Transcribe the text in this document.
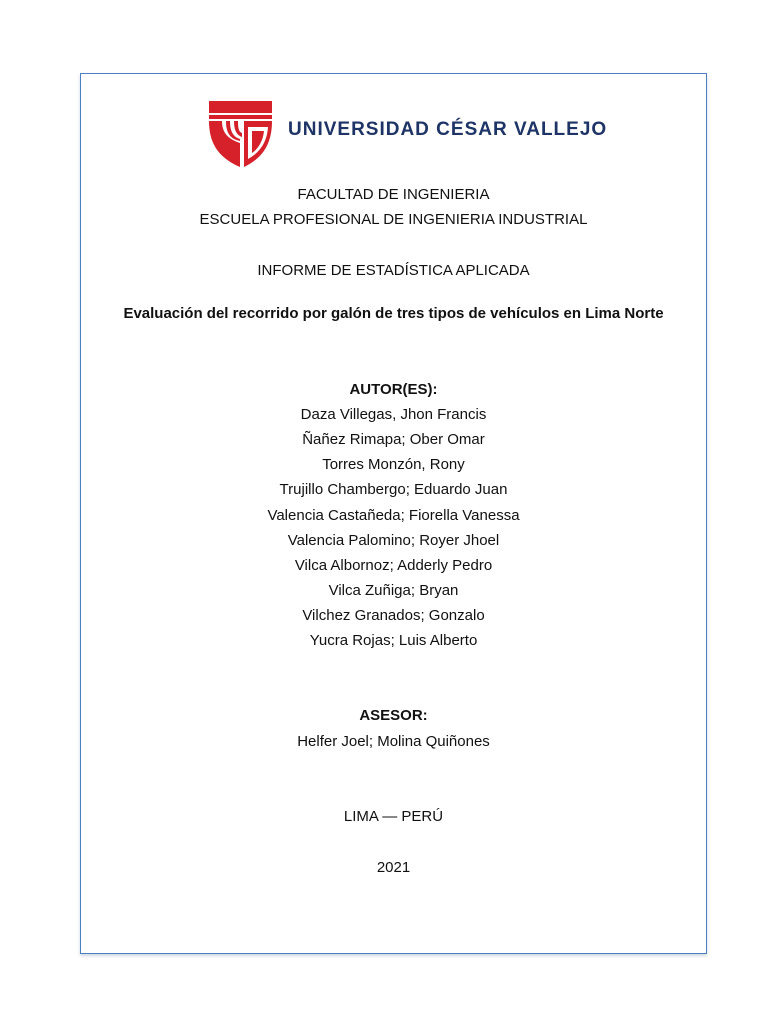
UNIVERSIDAD CÉSAR VALLEJO
FACULTAD DE INGENIERIA
ESCUELA PROFESIONAL DE INGENIERIA INDUSTRIAL
INFORME DE ESTADÍSTICA APLICADA
Evaluación del recorrido por galón de tres tipos de vehículos en Lima Norte
AUTOR(ES):
Daza Villegas, Jhon Francis
Ñañez Rimapa; Ober Omar
Torres Monzón, Rony
Trujillo Chambergo; Eduardo Juan
Valencia Castañeda; Fiorella Vanessa
Valencia Palomino; Royer Jhoel
Vilca Albornoz; Adderly Pedro
Vilca Zuñiga; Bryan
Vilchez Granados; Gonzalo
Yucra Rojas; Luis Alberto
ASESOR:
Helfer Joel; Molina Quiñones
LIMA — PERÚ
2021
